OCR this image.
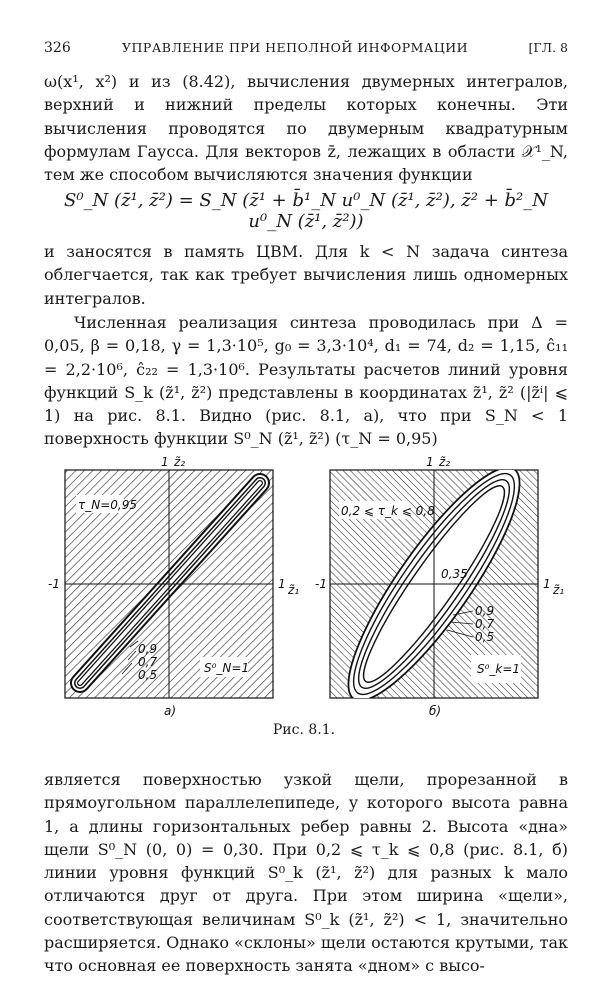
326	УПРАВЛЕНИЕ ПРИ НЕПОЛНОЙ ИНФОРМАЦИИ	[ГЛ. 8

ω(x¹, x²) и из (8.42), вычисления двумерных интегралов, верхний и нижний пределы которых конечны. Эти вычисления проводятся по двумерным квадратурным формулам Гаусса. Для векторов z̄, лежащих в области 𝒳¹_N, тем же способом вычисляются значения функции

S⁰_N (z̄¹, z̄²) = S_N (z̄¹ + b̄¹_N u⁰_N (z̄¹, z̄²), z̄² + b̄²_N u⁰_N (z̄¹, z̄²))

и заносятся в память ЦВМ. Для k < N задача синтеза облегчается, так как требует вычисления лишь одномерных интегралов.

Численная реализация синтеза проводилась при Δ = 0,05, β = 0,18, γ = 1,3·10⁵, g₀ = 3,3·10⁴, d₁ = 74, d₂ = 1,15, ĉ₁₁ = 2,2·10⁶, ĉ₂₂ = 1,3·10⁶. Результаты расчетов линий уровня функций S_k (z̃¹, z̃²) представлены в координатах z̃¹, z̃² (|z̃ⁱ| ⩽ 1) на рис. 8.1. Видно (рис. 8.1, а), что при S_N < 1 поверхность функции S⁰_N (z̃¹, z̃²) (τ_N = 0,95)

τ_N=0,95
1 z̃₂
-1	1 z̃₁
0,9
0,7
0,5	S⁰_N=1
а)
0,2 ⩽ τ_k ⩽ 0,8
0,35
1 z̃₂
-1	1 z̃₁
0,9
0,7
0,5
S⁰_k=1
б)
Рис. 8.1.

является поверхностью узкой щели, прорезанной в прямоугольном параллелепипеде, у которого высота равна 1, а длины горизонтальных ребер равны 2. Высота «дна» щели S⁰_N (0, 0) = 0,30. При 0,2 ⩽ τ_k ⩽ 0,8 (рис. 8.1, б) линии уровня функций S⁰_k (z̃¹, z̃²) для разных k мало отличаются друг от друга. При этом ширина «щели», соответствующая величинам S⁰_k (z̃¹, z̃²) < 1, значительно расширяется. Однако «склоны» щели остаются крутыми, так что основная ее поверхность занята «дном» с высо-
